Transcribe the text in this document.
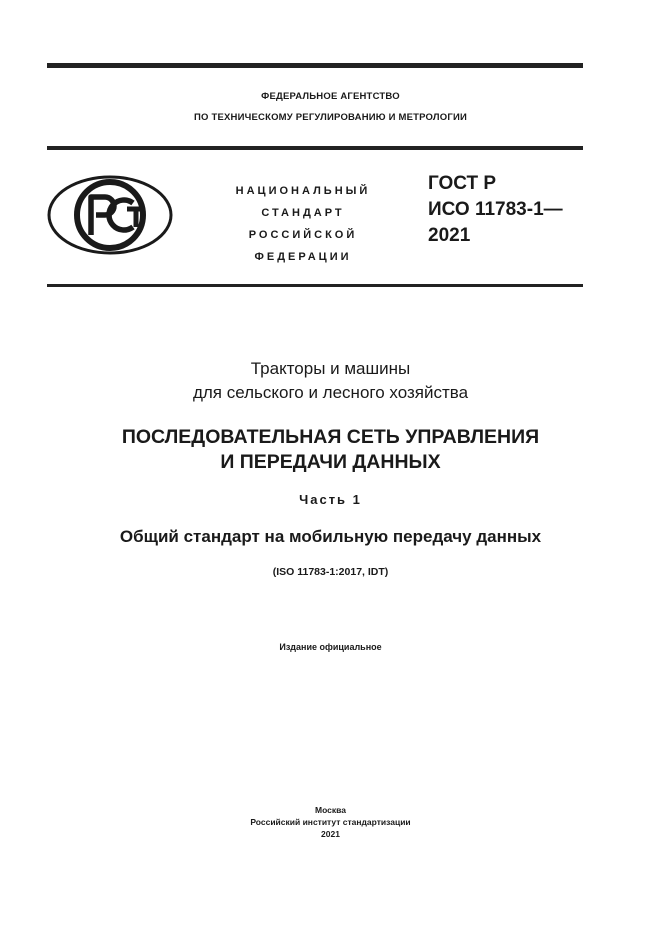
ФЕДЕРАЛЬНОЕ АГЕНТСТВО
ПО ТЕХНИЧЕСКОМУ РЕГУЛИРОВАНИЮ И МЕТРОЛОГИИ
НАЦИОНАЛЬНЫЙ
СТАНДАРТ
РОССИЙСКОЙ
ФЕДЕРАЦИИ
ГОСТ Р
ИСО 11783-1—
2021
Тракторы и машины
для сельского и лесного хозяйства
ПОСЛЕДОВАТЕЛЬНАЯ СЕТЬ УПРАВЛЕНИЯ
И ПЕРЕДАЧИ ДАННЫХ
Часть 1
Общий стандарт на мобильную передачу данных
(ISO 11783-1:2017, IDT)
Издание официальное
Москва
Российский институт стандартизации
2021
